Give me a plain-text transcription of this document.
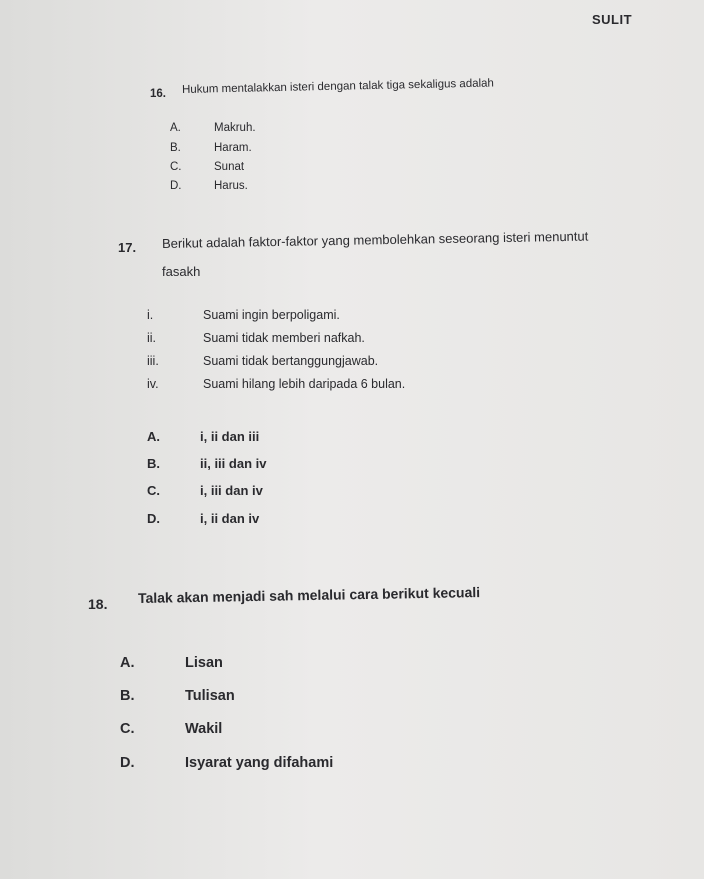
SULIT
16. Hukum mentalakkan isteri dengan talak tiga sekaligus adalah
A.	Makruh.
B.	Haram.
C.	Sunat
D.	Harus.
17. Berikut adalah faktor-faktor yang membolehkan seseorang isteri menuntut
fasakh
i.	Suami ingin berpoligami.
ii.	Suami tidak memberi nafkah.
iii.	Suami tidak bertanggungjawab.
iv.	Suami hilang lebih daripada 6 bulan.
A.	i, ii dan iii
B.	ii, iii dan iv
C.	i, iii dan iv
D.	i, ii dan iv
18. Talak akan menjadi sah melalui cara berikut kecuali
A.	Lisan
B.	Tulisan
C.	Wakil
D.	Isyarat yang difahami
